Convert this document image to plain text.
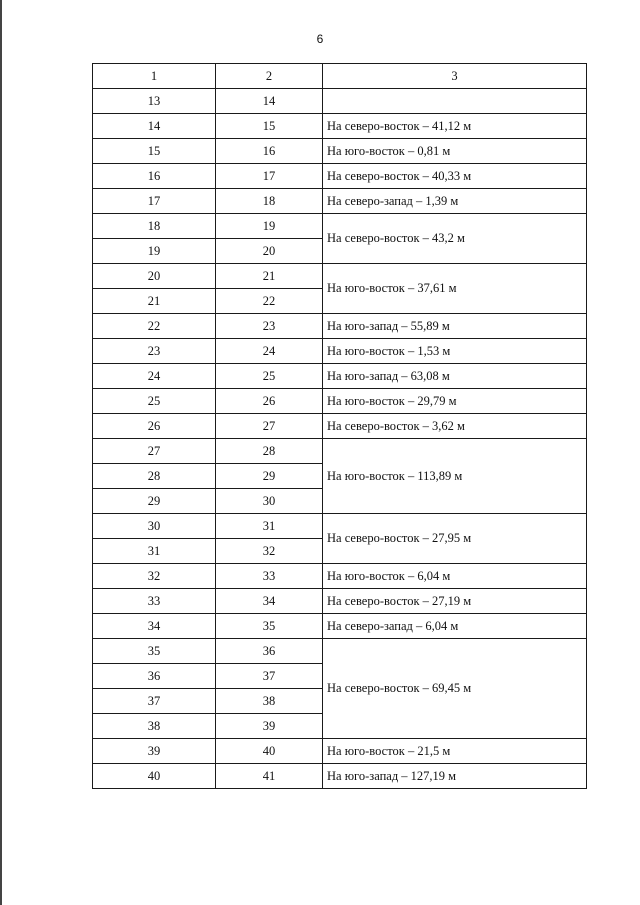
6
1	2	3
13	14	
14	15	На северо-восток – 41,12 м
15	16	На юго-восток – 0,81 м
16	17	На северо-восток – 40,33 м
17	18	На северо-запад – 1,39 м
18	19	На северо-восток – 43,2 м
19	20	
20	21	На юго-восток – 37,61 м
21	22	
22	23	На юго-запад – 55,89 м
23	24	На юго-восток – 1,53 м
24	25	На юго-запад – 63,08 м
25	26	На юго-восток – 29,79 м
26	27	На северо-восток – 3,62 м
27	28	На юго-восток – 113,89 м
28	29	
29	30	
30	31	На северо-восток – 27,95 м
31	32	
32	33	На юго-восток – 6,04 м
33	34	На северо-восток – 27,19 м
34	35	На северо-запад – 6,04 м
35	36	На северо-восток – 69,45 м
36	37	
37	38	
38	39	
39	40	На юго-восток – 21,5 м
40	41	На юго-запад – 127,19 м
